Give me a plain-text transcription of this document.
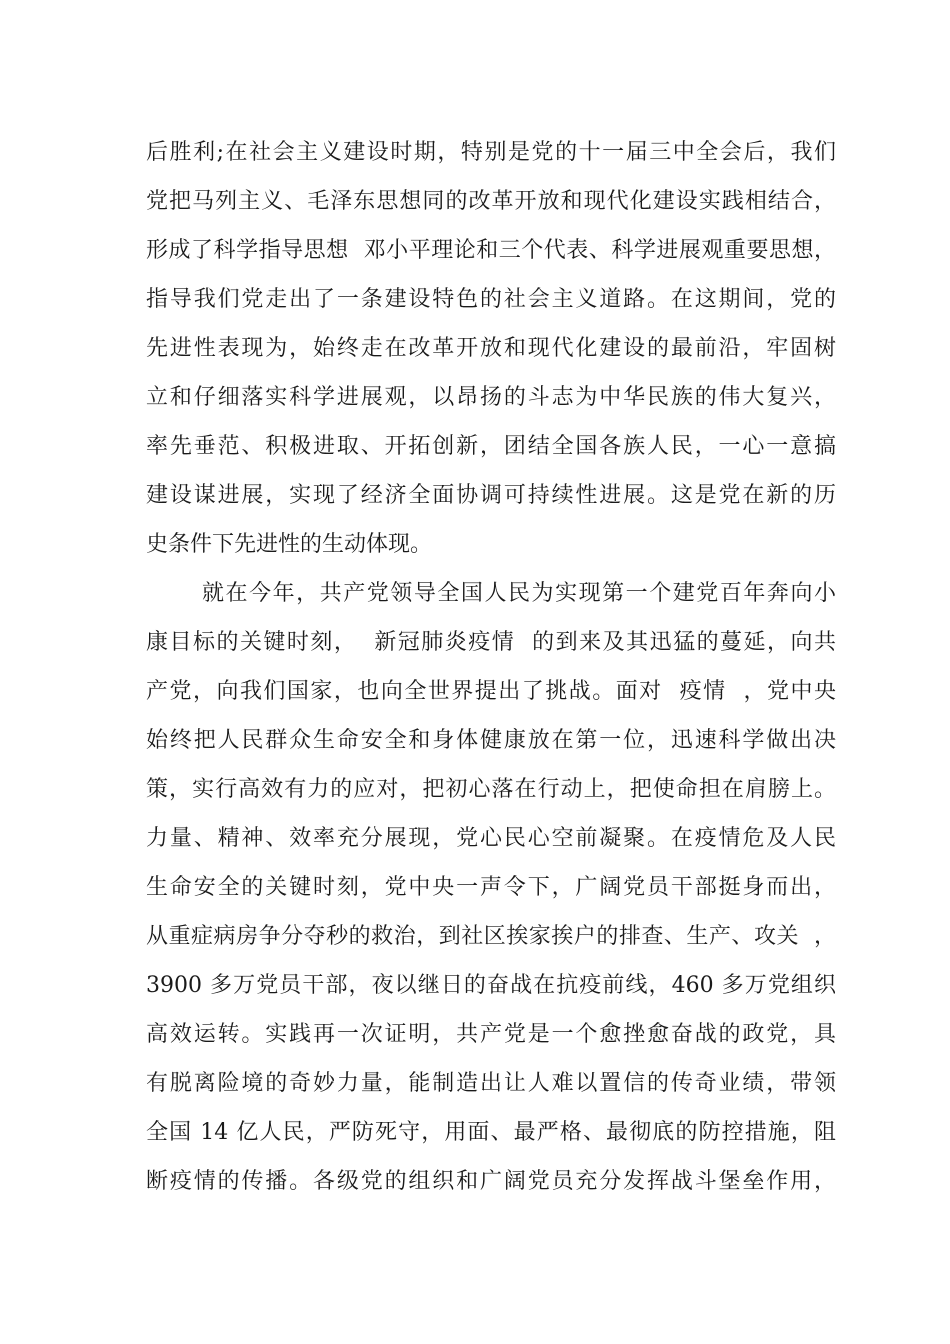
后胜利;在社会主义建设时期，特别是党的十一届三中全会后，我们
党把马列主义、毛泽东思想同的改革开放和现代化建设实践相结合，
形成了科学指导思想  邓小平理论和三个代表、科学进展观重要思想，
指导我们党走出了一条建设特色的社会主义道路。在这期间，党的
先进性表现为，始终走在改革开放和现代化建设的最前沿，牢固树
立和仔细落实科学进展观，以昂扬的斗志为中华民族的伟大复兴，
率先垂范、积极进取、开拓创新，团结全国各族人民，一心一意搞
建设谋进展，实现了经济全面协调可持续性进展。这是党在新的历
史条件下先进性的生动体现。
就在今年，共产党领导全国人民为实现第一个建党百年奔向小
康目标的关键时刻，  新冠肺炎疫情  的到来及其迅猛的蔓延，向共
产党，向我们国家，也向全世界提出了挑战。面对  疫情  ，党中央
始终把人民群众生命安全和身体健康放在第一位，迅速科学做出决
策，实行高效有力的应对，把初心落在行动上，把使命担在肩膀上。
力量、精神、效率充分展现，党心民心空前凝聚。在疫情危及人民
生命安全的关键时刻，党中央一声令下，广阔党员干部挺身而出，
从重症病房争分夺秒的救治，到社区挨家挨户的排查、生产、攻关  ，
3900 多万党员干部，夜以继日的奋战在抗疫前线，460 多万党组织
高效运转。实践再一次证明，共产党是一个愈挫愈奋战的政党，具
有脱离险境的奇妙力量，能制造出让人难以置信的传奇业绩，带领
全国 14 亿人民，严防死守，用面、最严格、最彻底的防控措施，阻
断疫情的传播。各级党的组织和广阔党员充分发挥战斗堡垒作用，
